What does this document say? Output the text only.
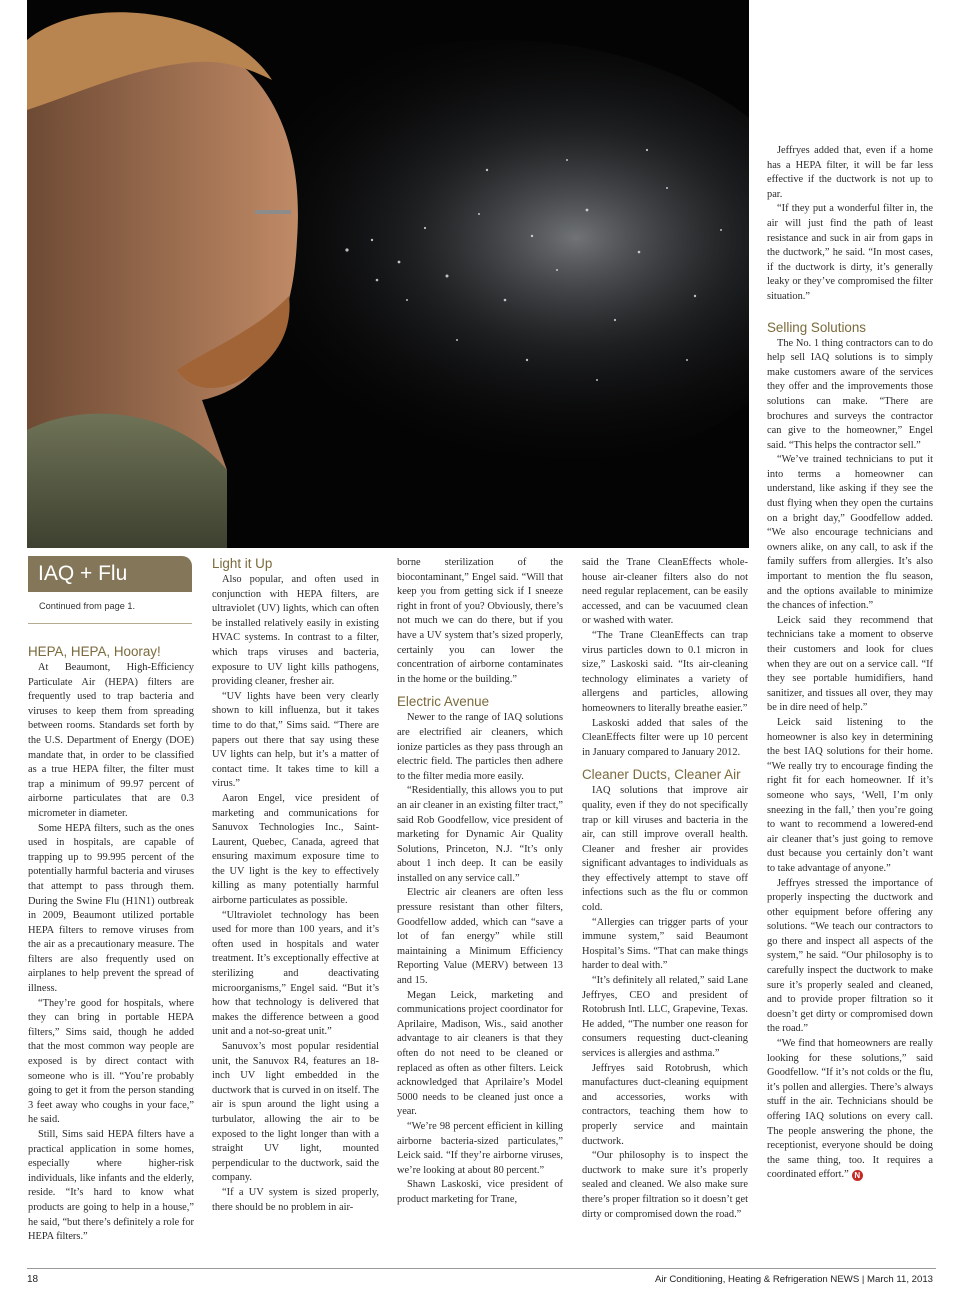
IAQ + Flu
Continued from page 1.
HEPA, HEPA, Hooray!

At Beaumont, High-Efficiency Particulate Air (HEPA) filters are frequently used to trap bacteria and viruses to keep them from spreading between rooms. Standards set forth by the U.S. Department of Energy (DOE) mandate that, in order to be classified as a true HEPA filter, the filter must trap a minimum of 99.97 percent of airborne particulates that are 0.3 micrometer in diameter.

Some HEPA filters, such as the ones used in hospitals, are capable of trapping up to 99.995 percent of the potentially harmful bacteria and viruses that attempt to pass through them. During the Swine Flu (H1N1) outbreak in 2009, Beaumont utilized portable HEPA filters to remove viruses from the air as a precautionary measure. The filters are also frequently used on airplanes to help prevent the spread of illness.

“They’re good for hospitals, where they can bring in portable HEPA filters,” Sims said, though he added that the most common way people are exposed is by direct contact with someone who is ill. “You’re probably going to get it from the person standing 3 feet away who coughs in your face,” he said.

Still, Sims said HEPA filters have a practical application in some homes, especially where higher-risk individuals, like infants and the elderly, reside. “It’s hard to know what products are going to help in a house,” he said, “but there’s definitely a role for HEPA filters.”

Light it Up

Also popular, and often used in conjunction with HEPA filters, are ultraviolet (UV) lights, which can often be installed relatively easily in existing HVAC systems. In contrast to a filter, which traps viruses and bacteria, exposure to UV light kills pathogens, providing cleaner, fresher air.

“UV lights have been very clearly shown to kill influenza, but it takes time to do that,” Sims said. “There are papers out there that say using these UV lights can help, but it’s a matter of contact time. It takes time to kill a virus.”

Aaron Engel, vice president of marketing and communications for Sanuvox Technologies Inc., Saint-Laurent, Quebec, Canada, agreed that ensuring maximum exposure time to the UV light is the key to effectively killing as many potentially harmful airborne particulates as possible.

“Ultraviolet technology has been used for more than 100 years, and it’s often used in hospitals and water treatment. It’s exceptionally effective at sterilizing and deactivating microorganisms,” Engel said. “But it’s how that technology is delivered that makes the difference between a good unit and a not-so-great unit.”

Sanuvox’s most popular residential unit, the Sanuvox R4, features an 18-inch UV light embedded in the ductwork that is curved in on itself. The air is spun around the light using a turbulator, allowing the air to be exposed to the light longer than with a straight UV light, mounted perpendicular to the ductwork, said the company.

“If a UV system is sized properly, there should be no problem in air-

borne sterilization of the biocontaminant,” Engel said. “Will that keep you from getting sick if I sneeze right in front of you? Obviously, there’s not much we can do there, but if you have a UV system that’s sized properly, certainly you can lower the concentration of airborne contaminates in the home or the building.”

Electric Avenue

Newer to the range of IAQ solutions are electrified air cleaners, which ionize particles as they pass through an electric field. The particles then adhere to the filter media more easily.

“Residentially, this allows you to put an air cleaner in an existing filter tract,” said Rob Goodfellow, vice president of marketing for Dynamic Air Quality Solutions, Princeton, N.J. “It’s only about 1 inch deep. It can be easily installed on any service call.”

Electric air cleaners are often less pressure resistant than other filters, Goodfellow added, which can “save a lot of fan energy” while still maintaining a Minimum Efficiency Reporting Value (MERV) between 13 and 15.

Megan Leick, marketing and communications project coordinator for Aprilaire, Madison, Wis., said another advantage to air cleaners is that they often do not need to be cleaned or replaced as often as other filters. Leick acknowledged that Aprilaire’s Model 5000 needs to be cleaned just once a year.

“We’re 98 percent efficient in killing airborne bacteria-sized particulates,” Leick said. “If they’re airborne viruses, we’re looking at about 80 percent.”

Shawn Laskoski, vice president of product marketing for Trane,

said the Trane CleanEffects whole-house air-cleaner filters also do not need regular replacement, can be easily accessed, and can be vacuumed clean or washed with water.

“The Trane CleanEffects can trap virus particles down to 0.1 micron in size,” Laskoski said. “Its air-cleaning technology eliminates a variety of allergens and particles, allowing homeowners to literally breathe easier.”

Laskoski added that sales of the CleanEffects filter were up 10 percent in January compared to January 2012.

Cleaner Ducts, Cleaner Air

IAQ solutions that improve air quality, even if they do not specifically trap or kill viruses and bacteria in the air, can still improve overall health. Cleaner and fresher air provides significant advantages to individuals as they effectively attempt to stave off infections such as the flu or common cold.

“Allergies can trigger parts of your immune system,” said Beaumont Hospital’s Sims. “That can make things harder to deal with.”

“It’s definitely all related,” said Lane Jeffryes, CEO and president of Rotobrush Intl. LLC, Grapevine, Texas. He added, “The number one reason for consumers requesting duct-cleaning services is allergies and asthma.”

Jeffryes said Rotobrush, which manufactures duct-cleaning equipment and accessories, works with contractors, teaching them how to properly service and maintain ductwork.

“Our philosophy is to inspect the ductwork to make sure it’s properly sealed and cleaned. We also make sure there’s proper filtration so it doesn’t get dirty or compromised down the road.”

Jeffryes added that, even if a home has a HEPA filter, it will be far less effective if the ductwork is not up to par.

“If they put a wonderful filter in, the air will just find the path of least resistance and suck in air from gaps in the ductwork,” he said. “In most cases, if the ductwork is dirty, it’s generally leaky or they’ve compromised the filter situation.”

Selling Solutions

The No. 1 thing contractors can to do help sell IAQ solutions is to simply make customers aware of the services they offer and the improvements those solutions can make. “There are brochures and surveys the contractor can give to the homeowner,” Engel said. “This helps the contractor sell.”

“We’ve trained technicians to put it into terms a homeowner can understand, like asking if they see the dust flying when they open the curtains on a bright day,” Goodfellow added. “We also encourage technicians and owners alike, on any call, to ask if the family suffers from allergies. It’s also important to mention the flu season, and the options available to minimize the chances of infection.”

Leick said they recommend that technicians take a moment to observe their customers and look for clues when they are out on a service call. “If they see portable humidifiers, hand sanitizer, and tissues all over, they may be in dire need of help.”

Leick said listening to the homeowner is also key in determining the best IAQ solutions for their home. “We really try to encourage finding the right fit for each homeowner. If it’s someone who says, ‘Well, I’m only sneezing in the fall,’ then you’re going to want to recommend a lowered-end air cleaner that’s just going to remove dust because you certainly don’t want to take advantage of anyone.”

Jeffryes stressed the importance of properly inspecting the ductwork and other equipment before offering any solutions. “We teach our contractors to go there and inspect all aspects of the system,” he said. “Our philosophy is to carefully inspect the ductwork to make sure it’s properly sealed and cleaned, and to provide proper filtration so it doesn’t get dirty or compromised down the road.”

“We find that homeowners are really looking for these solutions,” said Goodfellow. “If it’s not colds or the flu, it’s pollen and allergies. There’s always stuff in the air. Technicians should be offering IAQ solutions on every call. The people answering the phone, the receptionist, everyone should be doing the same thing, too. It requires a coordinated effort.” N

18	Air Conditioning, Heating & Refrigeration NEWS | March 11, 2013
